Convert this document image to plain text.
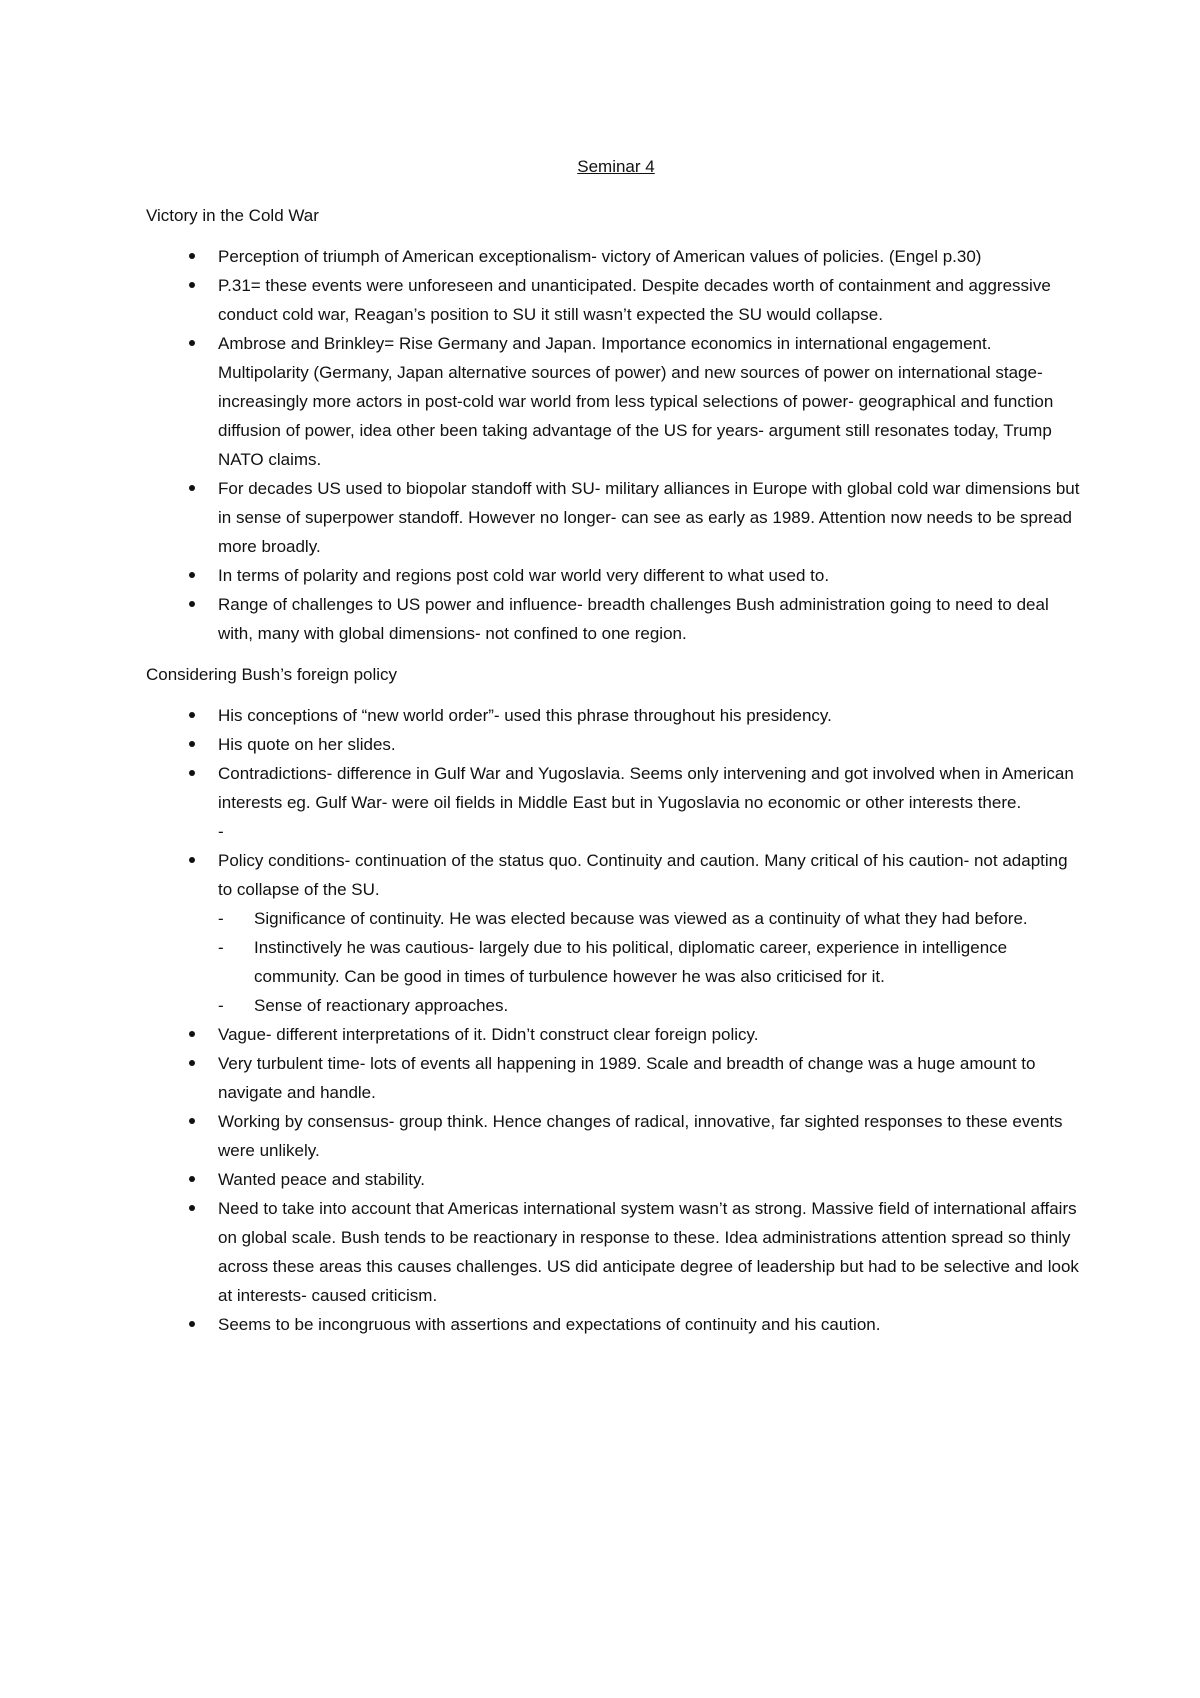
Seminar 4
Victory in the Cold War
Perception of triumph of American exceptionalism- victory of American values of policies. (Engel p.30)
P.31= these events were unforeseen and unanticipated. Despite decades worth of containment and aggressive conduct cold war, Reagan’s position to SU it still wasn’t expected the SU would collapse.
Ambrose and Brinkley= Rise Germany and Japan. Importance economics in international engagement. Multipolarity (Germany, Japan alternative sources of power) and new sources of power on international stage- increasingly more actors in post-cold war world from less typical selections of power- geographical and function diffusion of power, idea other been taking advantage of the US for years- argument still resonates today, Trump NATO claims.
For decades US used to biopolar standoff with SU- military alliances in Europe with global cold war dimensions but in sense of superpower standoff. However no longer- can see as early as 1989. Attention now needs to be spread more broadly.
In terms of polarity and regions post cold war world very different to what used to.
Range of challenges to US power and influence- breadth challenges Bush administration going to need to deal with, many with global dimensions- not confined to one region.
Considering Bush’s foreign policy
His conceptions of “new world order”- used this phrase throughout his presidency.
His quote on her slides.
Contradictions- difference in Gulf War and Yugoslavia. Seems only intervening and got involved when in American interests eg. Gulf War- were oil fields in Middle East but in Yugoslavia no economic or other interests there.
-
Policy conditions- continuation of the status quo. Continuity and caution. Many critical of his caution- not adapting to collapse of the SU.
- Significance of continuity. He was elected because was viewed as a continuity of what they had before.
- Instinctively he was cautious- largely due to his political, diplomatic career, experience in intelligence community. Can be good in times of turbulence however he was also criticised for it.
- Sense of reactionary approaches.
Vague- different interpretations of it. Didn’t construct clear foreign policy.
Very turbulent time- lots of events all happening in 1989. Scale and breadth of change was a huge amount to navigate and handle.
Working by consensus- group think. Hence changes of radical, innovative, far sighted responses to these events were unlikely.
Wanted peace and stability.
Need to take into account that Americas international system wasn’t as strong. Massive field of international affairs on global scale. Bush tends to be reactionary in response to these. Idea administrations attention spread so thinly across these areas this causes challenges. US did anticipate degree of leadership but had to be selective and look at interests- caused criticism.
Seems to be incongruous with assertions and expectations of continuity and his caution.
